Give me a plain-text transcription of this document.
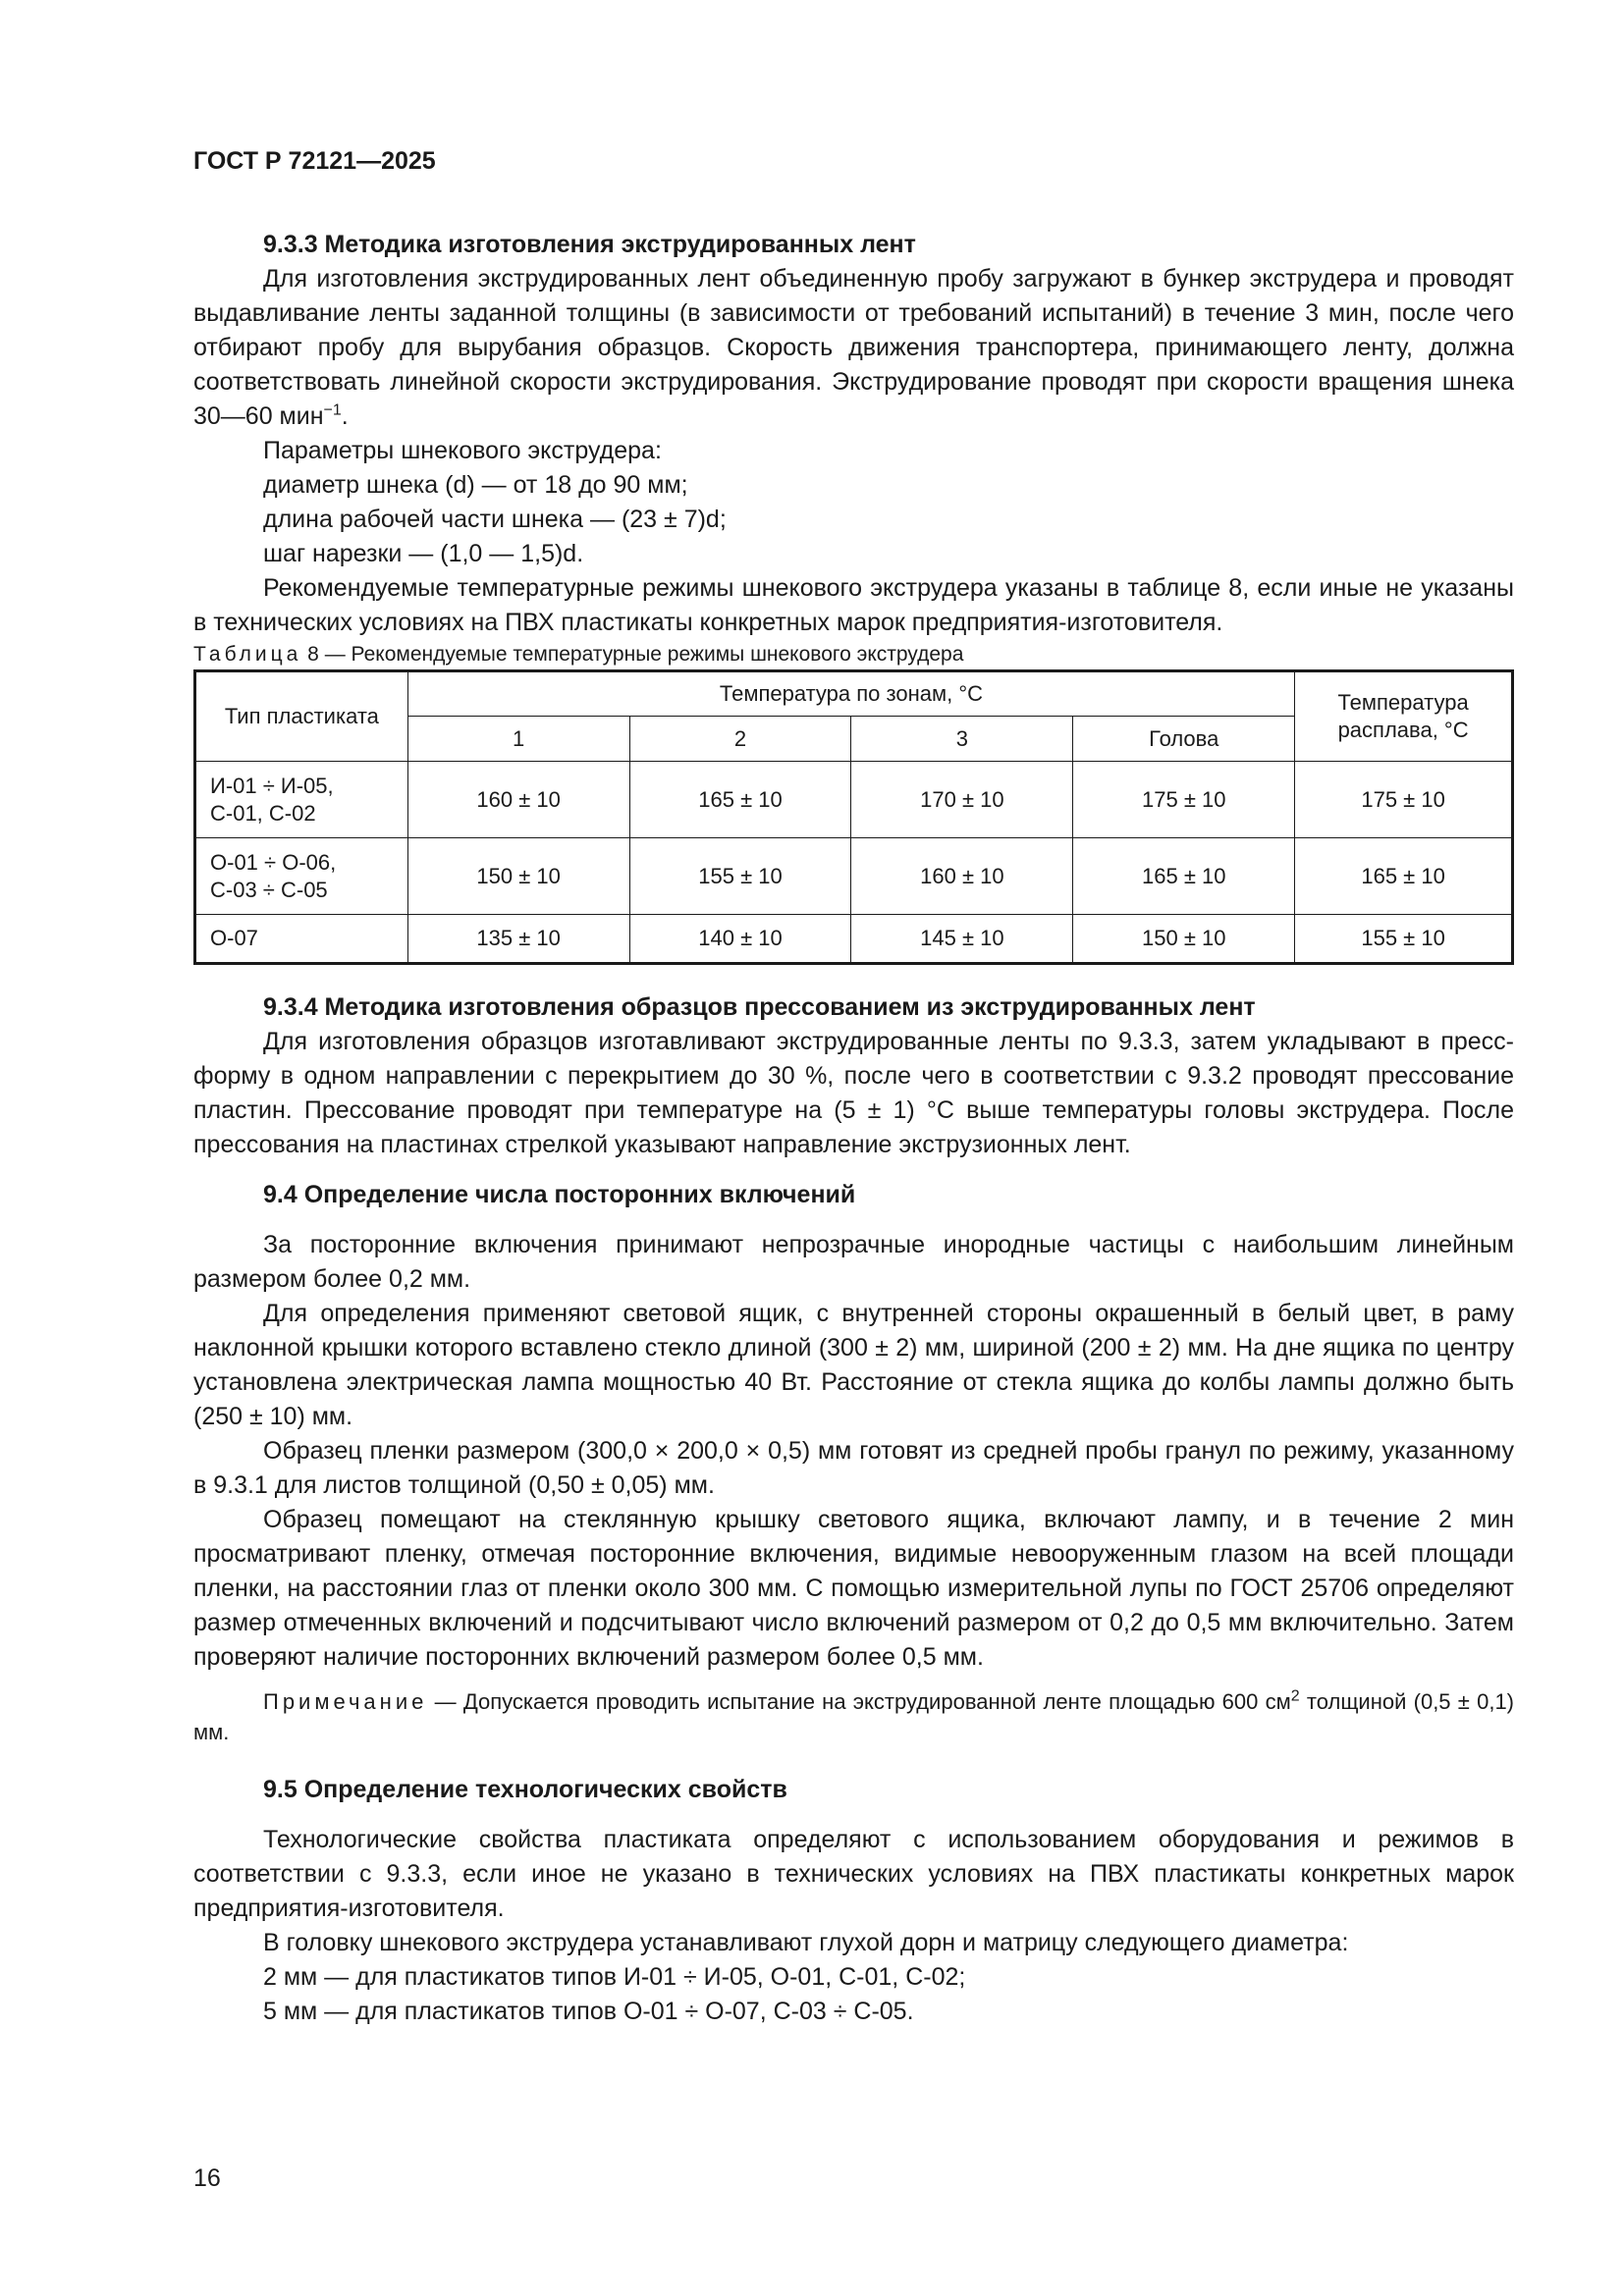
ГОСТ Р 72121—2025

9.3.3 Методика изготовления экструдированных лент

Для изготовления экструдированных лент объединенную пробу загружают в бункер экструдера и проводят выдавливание ленты заданной толщины (в зависимости от требований испытаний) в течение 3 мин, после чего отбирают пробу для вырубания образцов. Скорость движения транспортера, принимающего ленту, должна соответствовать линейной скорости экструдирования. Экструдирование проводят при скорости вращения шнека 30—60 мин$^{-1}$.

Параметры шнекового экструдера:

диаметр шнека (d) — от 18 до 90 мм;

длина рабочей части шнека — (23 ± 7)d;

шаг нарезки — (1,0 — 1,5)d.

Рекомендуемые температурные режимы шнекового экструдера указаны в таблице 8, если иные не указаны в технических условиях на ПВХ пластикаты конкретных марок предприятия-изготовителя.

Таблица 8 — Рекомендуемые температурные режимы шнекового экструдера

Тип пластиката	Температура по зонам, °С				Температура расплава, °С
	1	2	3	Голова	
И-01 ÷ И-05,
С-01, С-02	160 ± 10	165 ± 10	170 ± 10	175 ± 10	175 ± 10
О-01 ÷ О-06,
С-03 ÷ С-05	150 ± 10	155 ± 10	160 ± 10	165 ± 10	165 ± 10
О-07	135 ± 10	140 ± 10	145 ± 10	150 ± 10	155 ± 10

9.3.4 Методика изготовления образцов прессованием из экструдированных лент

Для изготовления образцов изготавливают экструдированные ленты по 9.3.3, затем укладывают в пресс-форму в одном направлении с перекрытием до 30 %, после чего в соответствии с 9.3.2 проводят прессование пластин. Прессование проводят при температуре на (5 ± 1) °С выше температуры головы экструдера. После прессования на пластинах стрелкой указывают направление экструзионных лент.

9.4 Определение числа посторонних включений

За посторонние включения принимают непрозрачные инородные частицы с наибольшим линейным размером более 0,2 мм.

Для определения применяют световой ящик, с внутренней стороны окрашенный в белый цвет, в раму наклонной крышки которого вставлено стекло длиной (300 ± 2) мм, шириной (200 ± 2) мм. На дне ящика по центру установлена электрическая лампа мощностью 40 Вт. Расстояние от стекла ящика до колбы лампы должно быть (250 ± 10) мм.

Образец пленки размером (300,0 × 200,0 × 0,5) мм готовят из средней пробы гранул по режиму, указанному в 9.3.1 для листов толщиной (0,50 ± 0,05) мм.

Образец помещают на стеклянную крышку светового ящика, включают лампу, и в течение 2 мин просматривают пленку, отмечая посторонние включения, видимые невооруженным глазом на всей площади пленки, на расстоянии глаз от пленки около 300 мм. С помощью измерительной лупы по ГОСТ 25706 определяют размер отмеченных включений и подсчитывают число включений размером от 0,2 до 0,5 мм включительно. Затем проверяют наличие посторонних включений размером более 0,5 мм.

Примечание — Допускается проводить испытание на экструдированной ленте площадью 600 $см^2$ толщиной (0,5 ± 0,1) мм.

9.5 Определение технологических свойств

Технологические свойства пластиката определяют с использованием оборудования и режимов в соответствии с 9.3.3, если иное не указано в технических условиях на ПВХ пластикаты конкретных марок предприятия-изготовителя.

В головку шнекового экструдера устанавливают глухой дорн и матрицу следующего диаметра:

2 мм — для пластикатов типов И-01 ÷ И-05, О-01, С-01, С-02;

5 мм — для пластикатов типов О-01 ÷ О-07, С-03 ÷ С-05.

16
